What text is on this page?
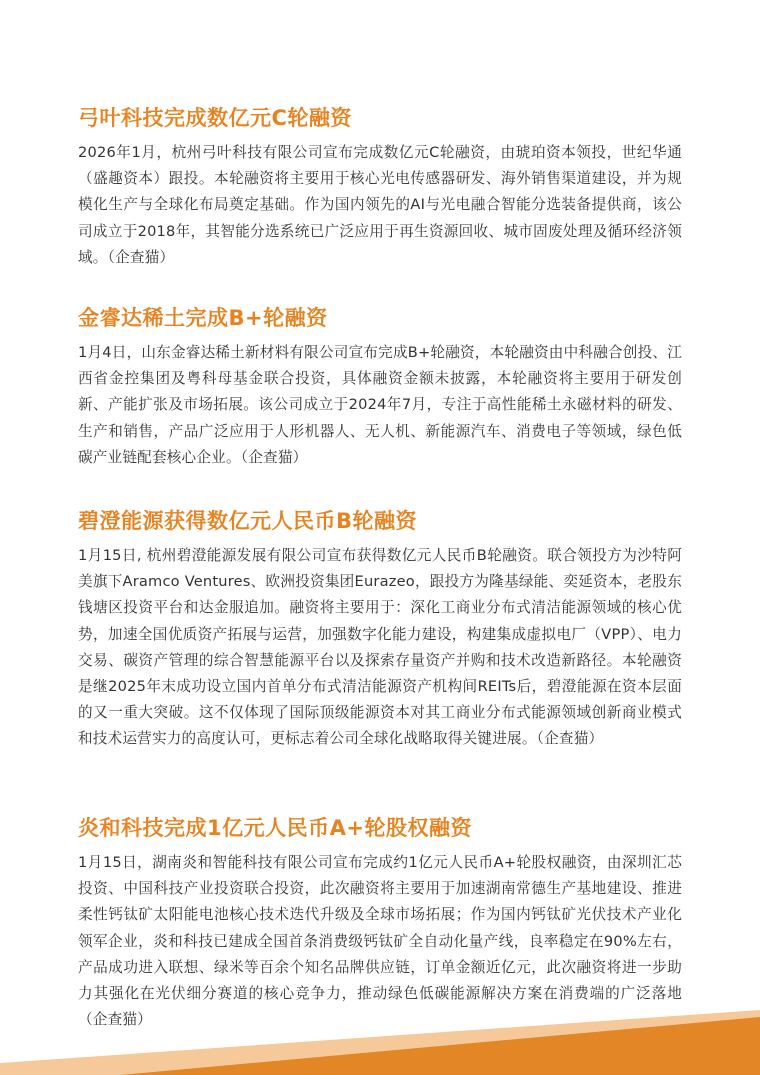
弓叶科技完成数亿元C轮融资

2026年1月，杭州弓叶科技有限公司宣布完成数亿元C轮融资，由琥珀资本领投，世纪华通（盛趣资本）跟投。本轮融资将主要用于核心光电传感器研发、海外销售渠道建设，并为规模化生产与全球化布局奠定基础。作为国内领先的AI与光电融合智能分选装备提供商，该公司成立于2018年，其智能分选系统已广泛应用于再生资源回收、城市固废处理及循环经济领域。（企查猫）

金睿达稀土完成B+轮融资

1月4日，山东金睿达稀土新材料有限公司宣布完成B+轮融资，本轮融资由中科融合创投、江西省金控集团及粤科母基金联合投资，具体融资金额未披露，本轮融资将主要用于研发创新、产能扩张及市场拓展。该公司成立于2024年7月，专注于高性能稀土永磁材料的研发、生产和销售，产品广泛应用于人形机器人、无人机、新能源汽车、消费电子等领域，绿色低碳产业链配套核心企业。（企查猫）

碧澄能源获得数亿元人民币B轮融资

1月15日, 杭州碧澄能源发展有限公司宣布获得数亿元人民币B轮融资。联合领投方为沙特阿美旗下Aramco Ventures、欧洲投资集团Eurazeo，跟投方为隆基绿能、奕延资本，老股东钱塘区投资平台和达金服追加。融资将主要用于：深化工商业分布式清洁能源领域的核心优势，加速全国优质资产拓展与运营，加强数字化能力建设，构建集成虚拟电厂（VPP）、电力交易、碳资产管理的综合智慧能源平台以及探索存量资产并购和技术改造新路径。本轮融资是继2025年末成功设立国内首单分布式清洁能源资产机构间REITs后，碧澄能源在资本层面的又一重大突破。这不仅体现了国际顶级能源资本对其工商业分布式能源领域创新商业模式和技术运营实力的高度认可，更标志着公司全球化战略取得关键进展。（企查猫）

炎和科技完成1亿元人民币A+轮股权融资

1月15日，湖南炎和智能科技有限公司宣布完成约1亿元人民币A+轮股权融资，由深圳汇芯投资、中国科技产业投资联合投资，此次融资将主要用于加速湖南常德生产基地建设、推进柔性钙钛矿太阳能电池核心技术迭代升级及全球市场拓展；作为国内钙钛矿光伏技术产业化领军企业，炎和科技已建成全国首条消费级钙钛矿全自动化量产线，良率稳定在90%左右，产品成功进入联想、绿米等百余个知名品牌供应链，订单金额近亿元，此次融资将进一步助力其强化在光伏细分赛道的核心竞争力，推动绿色低碳能源解决方案在消费端的广泛落地（企查猫）
